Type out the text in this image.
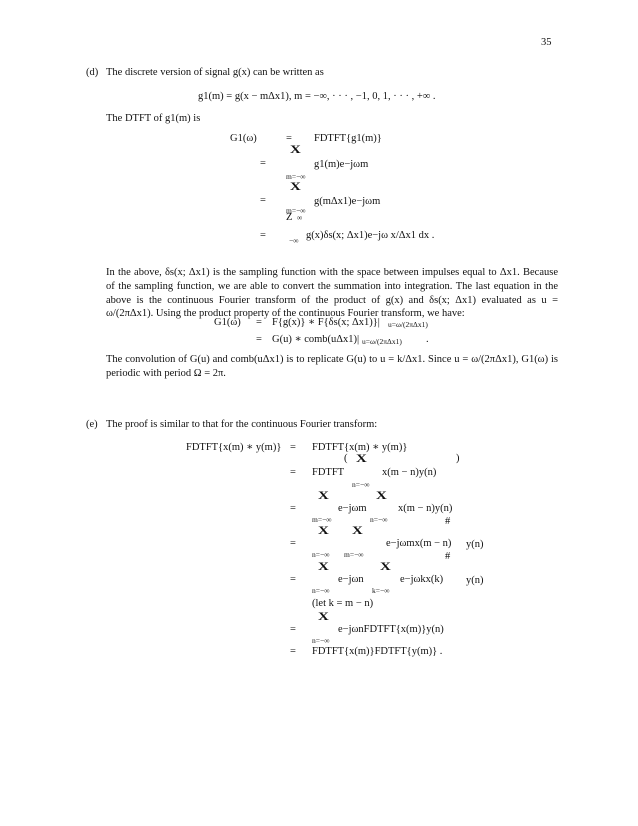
35
(d) The discrete version of signal g(x) can be written as
g1(m) = g(x − mΔx1), m = −∞, · · · , −1, 0, 1, · · · , +∞ .
The DTFT of g1(m) is
G1(ω)	= FDTFT{g1(m)}
X
=	g1(m)e−jωm
m=−∞
X
=	g(mΔx1)e−jωm
m=−∞
Z ∞
=	g(x)δs(x; Δx1)e−jω x/Δx1 dx .
−∞
In the above, δs(x; Δx1) is the sampling function with the space between impulses equal to Δx1. Because of the sampling function, we are able to convert the summation into integration. The last equation in the above is the continuous Fourier transform of the product of g(x) and δs(x; Δx1) evaluated as u = ω/(2πΔx1). Using the product property of the continuous Fourier transform, we have:
G1(ω) = F{g(x)} ∗ F{δs(x; Δx1)}| u=ω/(2πΔx1)
= G(u) ∗ comb(uΔx1)| u=ω/(2πΔx1) .
The convolution of G(u) and comb(uΔx1) is to replicate G(u) to u = k/Δx1. Since u = ω/(2πΔx1), G1(ω) is periodic with period Ω = 2π.
(e) The proof is similar to that for the continuous Fourier transform:
FDTFT{x(m) ∗ y(m)} = FDTFT{x(m) ∗ y(m)}
( X	)
= FDTFT	x(m − n)y(n)
n=−∞
X	X
=	e−jωm	x(m − n)y(n)
m=−∞	n=−∞	#
X X
=	e−jωmx(m − n) y(n)
n=−∞ m=−∞	#
X	X
=	e−jωn	e−jωkx(k) y(n)
n=−∞	k=−∞
(let k = m − n)
X
=	e−jωnFDTFT{x(m)}y(n)
n=−∞
= FDTFT{x(m)}FDTFT{y(m)} .
